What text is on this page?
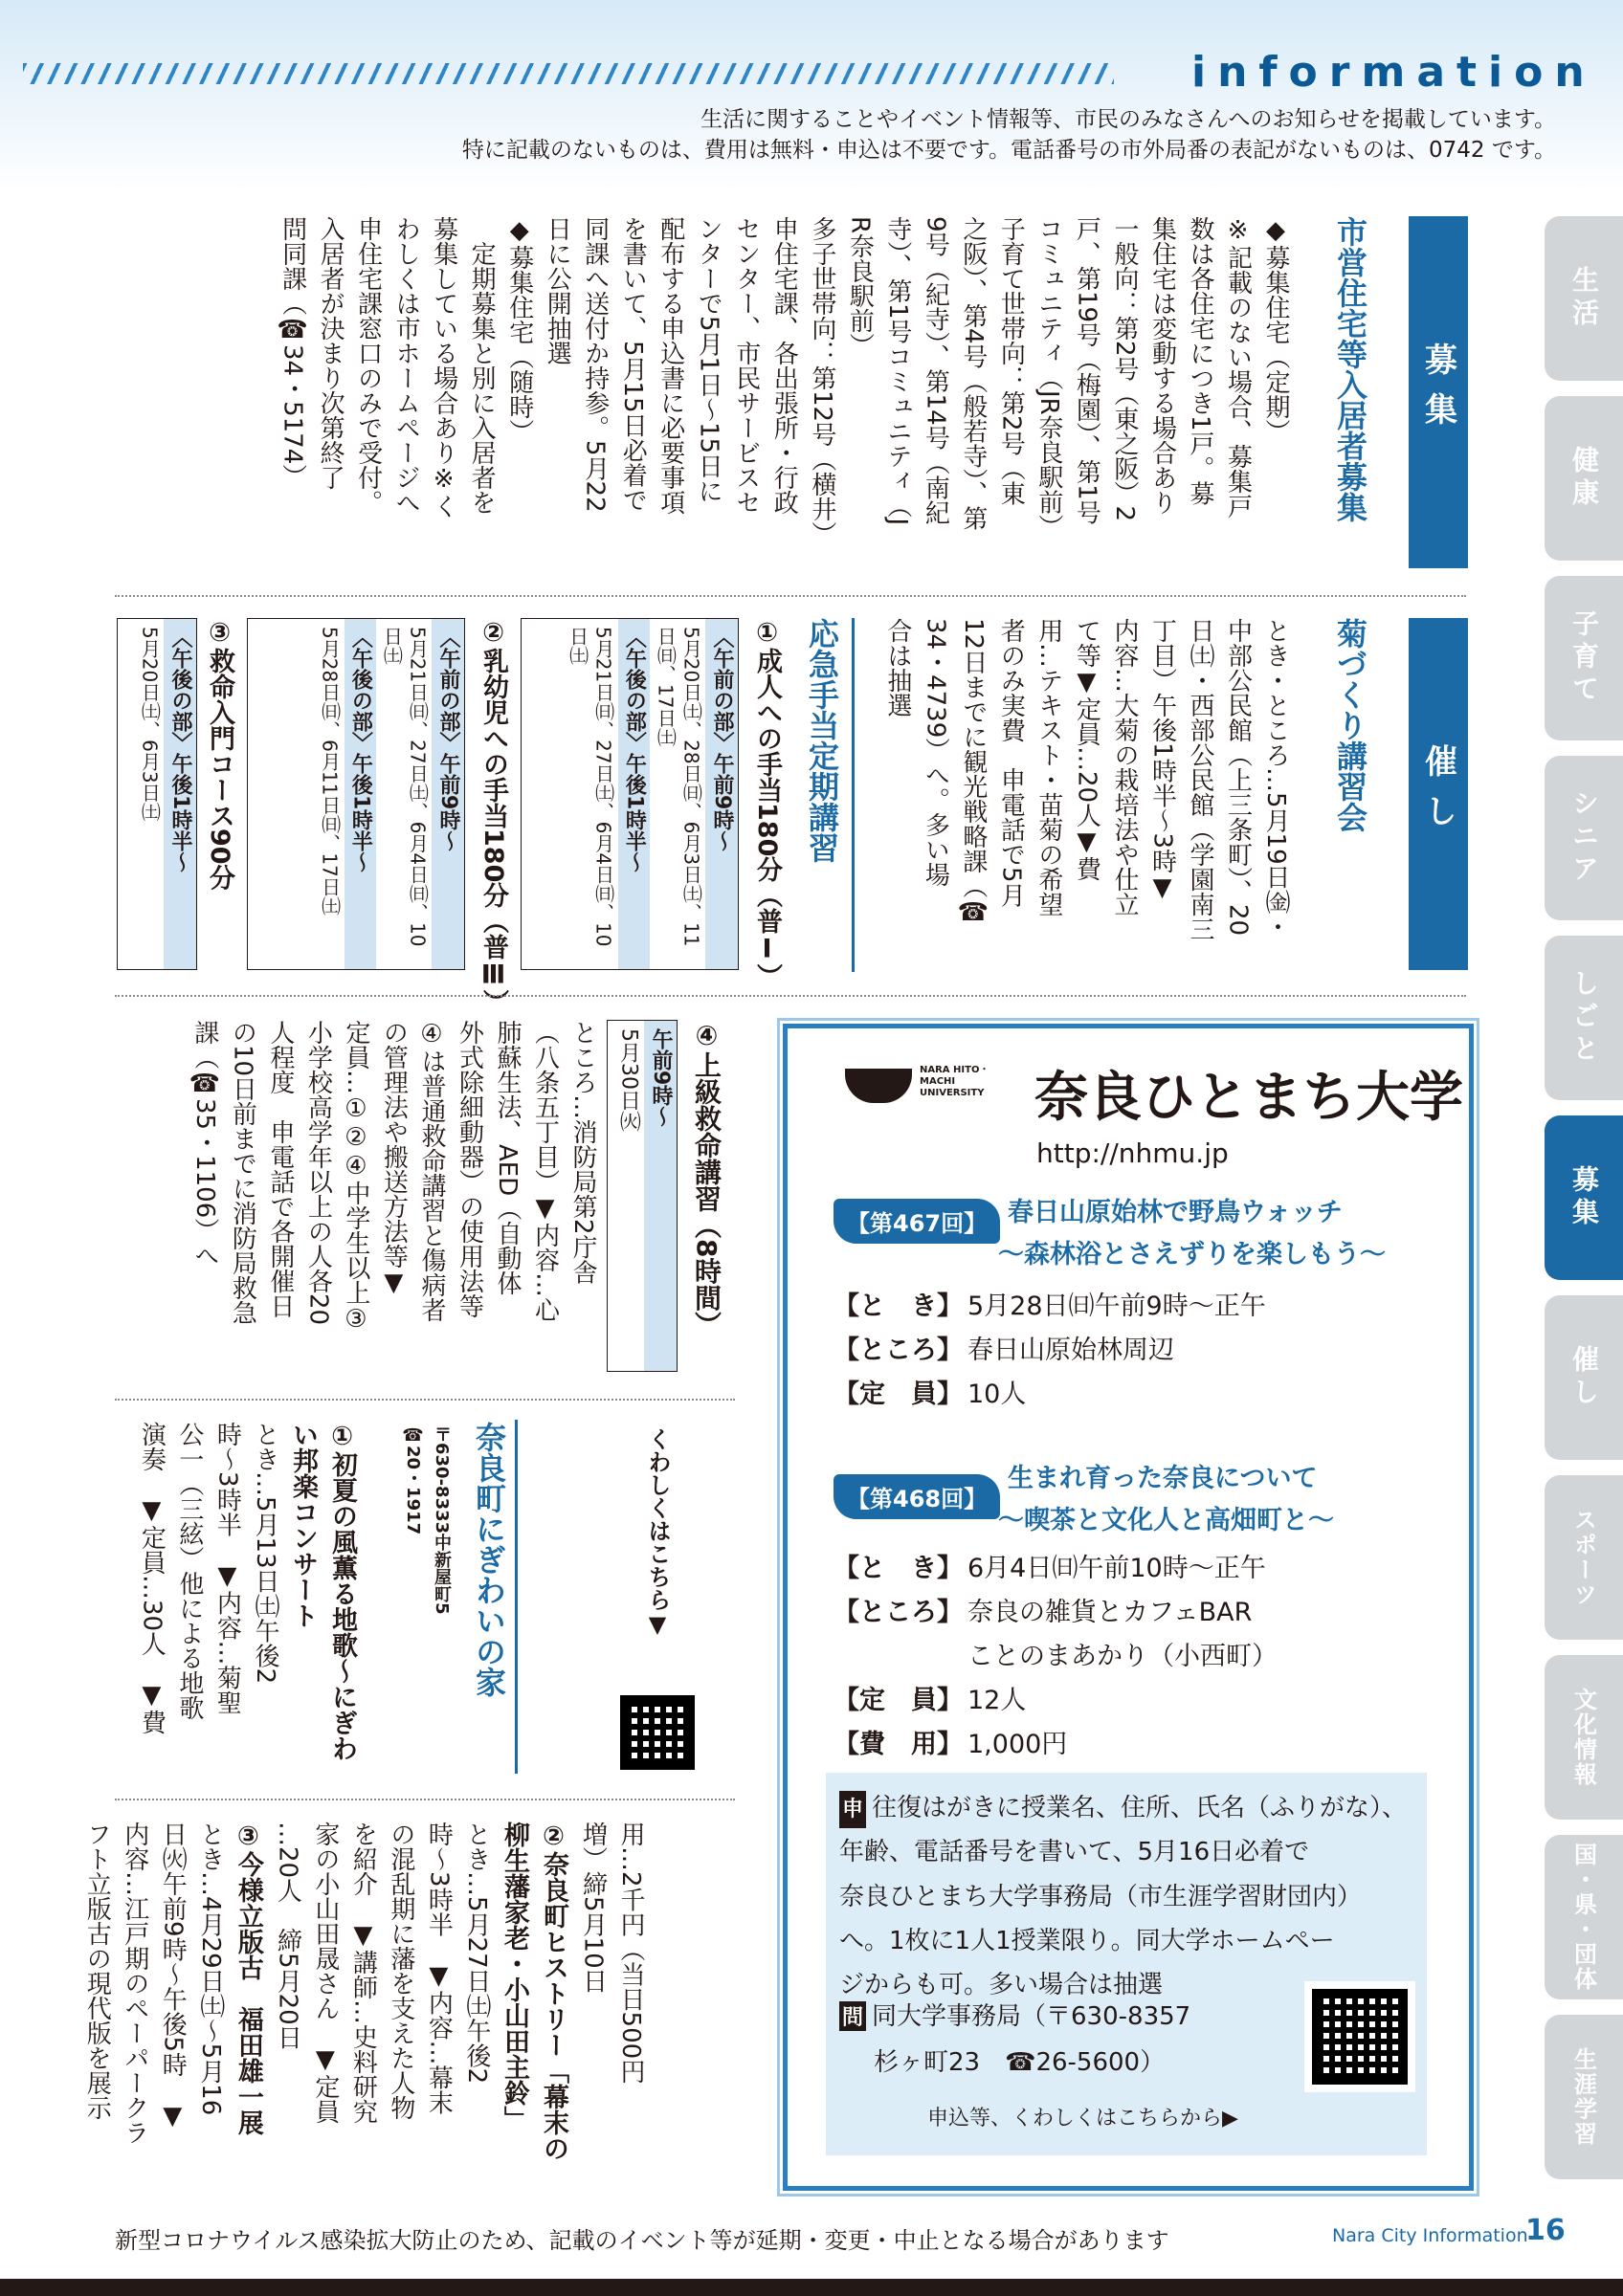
information
生活に関することやイベント情報等、市民のみなさんへのお知らせを掲載しています。
特に記載のないものは、費用は無料・申込は不要です。電話番号の市外局番の表記がないものは、0742 です。
生活
健康
子育て
シニア
しごと
募集
催し
スポーツ
文化情報
国・県・団体
生涯学習
募集
市営住宅等入居者募集
◆募集住宅（定期）
※記載のない場合、募集戸
数は各住宅につき1戸。募
集住宅は変動する場合あり
一般向：第2号（東之阪）2
戸、第19号（梅園）、第1号
コミュニティ（JR奈良駅前）
子育て世帯向：第2号（東
之阪）、第4号（般若寺）、第
9号（紀寺）、第14号（南紀
寺）、第1号コミュニティ（J
R奈良駅前）
多子世帯向：第12号（横井）
申住宅課、各出張所・行政
センター、市民サービスセ
ンターで5月1日～15日に
配布する申込書に必要事項
を書いて、5月15日必着で
同課へ送付か持参。5月22
日に公開抽選
◆募集住宅（随時）
　定期募集と別に入居者を
募集している場合あり※く
わしくは市ホームページへ
申住宅課窓口のみで受付。
入居者が決まり次第終了
問同課（☎34・5174）
催し
菊づくり講習会
とき・ところ…5月19日㈮・
中部公民館（上三条町）、20
日㈯・西部公民館（学園南三
丁目）午後1時半～3時▼
内容…大菊の栽培法や仕立
て等▼定員…20人▼費
用…テキスト・苗菊の希望
者のみ実費　申電話で5月
12日までに観光戦略課（☎
34・4739）へ。多い場
合は抽選
応急手当定期講習
①成人への手当180分（普Ⅰ）
〈午前の部〉午前9時～
5月20日㈯、28日㈰、6月3日㈯、11日㈰、17日㈯
〈午後の部〉午後1時半～
5月21日㈰、27日㈯、6月4日㈰、10日㈯
②乳幼児への手当180分（普Ⅲ）
〈午前の部〉午前9時～
5月21日㈰、27日㈯、6月4日㈰、10日㈯
〈午後の部〉午後1時半～
5月28日㈰、6月11日㈰、17日㈯
③救命入門コース90分
〈午後の部〉午後1時半～
5月20日㈯、6月3日㈯
④上級救命講習（8時間）
午前9時～
5月30日㈫
ところ…消防局第2庁舎
（八条五丁目）▼内容…心
肺蘇生法、AED（自動体
外式除細動器）の使用法等
④は普通救命講習と傷病者
の管理法や搬送方法等▼
定員…①②④中学生以上③
小学校高学年以上の人各20
人程度　申電話で各開催日
の10日前までに消防局救急
課（☎35・1106）へ
くわしくはこちら▼
奈良町にぎわいの家
〒630-8333中新屋町5
☎20・1917
①初夏の風薫る地歌～にぎわい邦楽コンサート
とき…5月13日㈯午後2
時～3時半　▼内容…菊聖
公一（三絃）他による地歌
演奏　▼定員…30人　▼費
用…2千円（当日500円
増）締5月10日
②奈良町ヒストリー「幕末の柳生藩家老・小山田主鈴」
とき…5月27日㈯午後2
時～3時半　▼内容…幕末
の混乱期に藩を支えた人物
を紹介　▼講師…史料研究
家の小山田晟さん　▼定員
…20人　締5月20日
③今様立版古　福田雄一展
とき…4月29日㈯～5月16
日㈫午前9時～午後5時　▼
内容…江戸期のペーパークラ
フト立版古の現代版を展示
NARA HITO・MACHI UNIVERSITY 奈良ひとまち大学
http://nhmu.jp
【第467回】 春日山原始林で野鳥ウォッチ
～森林浴とさえずりを楽しもう～
【と　き】 5月28日㈰午前9時～正午
【ところ】 春日山原始林周辺
【定　員】 10人
【第468回】
生まれ育った奈良について
～喫茶と文化人と高畑町と～
【と　き】 6月4日㈰午前10時～正午
【ところ】 奈良の雑貨とカフェBAR
ことのまあかり（小西町）
【定　員】 12人
【費　用】 1,000円
申 往復はがきに授業名、住所、氏名（ふりがな）、
年齢、電話番号を書いて、5月16日必着で
奈良ひとまち大学事務局（市生涯学習財団内）
へ。1枚に1人1授業限り。同大学ホームペー
ジからも可。多い場合は抽選
問 同大学事務局（〒630-8357
杉ヶ町23　☎26-5600）
申込等、くわしくはこちらから▶
新型コロナウイルス感染拡大防止のため、記載のイベント等が延期・変更・中止となる場合があります	Nara City Information
16
